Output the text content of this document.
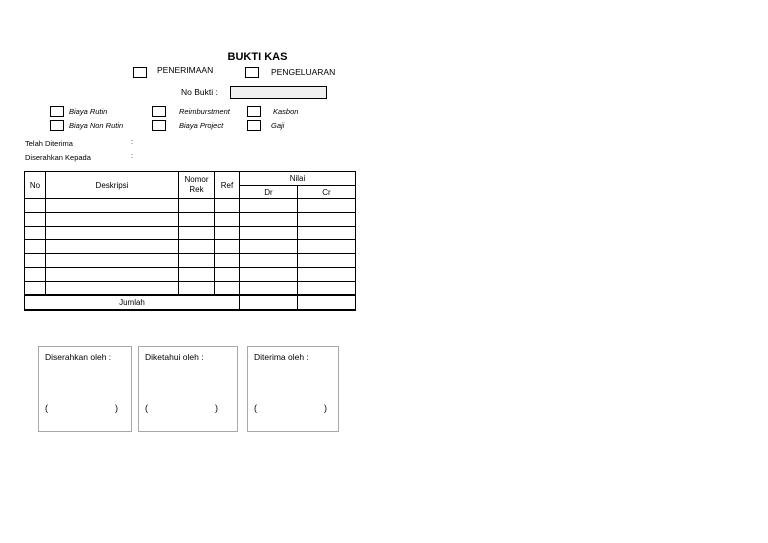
BUKTI KAS
PENERIMAAN	PENGELUARAN
No Bukti :
Biaya Rutin
Biaya Non Rutin
Reimburstment
Biaya Project
Kasbon
Gaji
Telah Diterima	:
Diserahkan Kepada	:
No	Deskripsi	Nomor Rek	Ref	Nilai	
				Dr	Cr

Jumlah					
Diserahkan oleh :
(	)
Diketahui oleh :
(	)
Diterima oleh :
(	)
